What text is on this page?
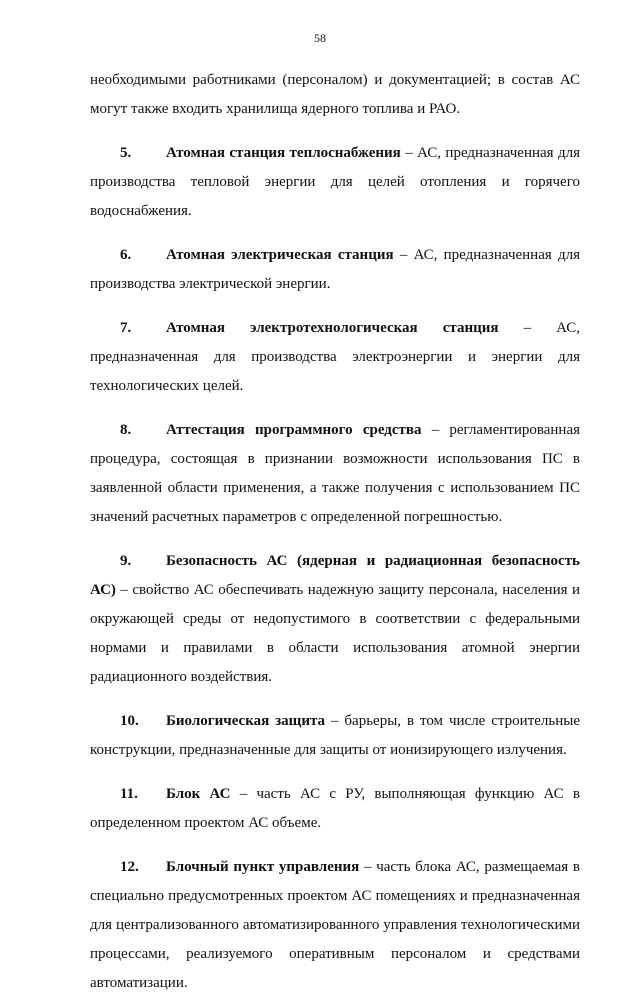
58

необходимыми работниками (персоналом) и документацией; в состав АС могут также входить хранилища ядерного топлива и РАО.

5. Атомная станция теплоснабжения – АС, предназначенная для производства тепловой энергии для целей отопления и горячего водоснабжения.

6. Атомная электрическая станция – АС, предназначенная для производства электрической энергии.

7. Атомная электротехнологическая станция – АС, предназначенная для производства электроэнергии и энергии для технологических целей.

8. Аттестация программного средства – регламентированная процедура, состоящая в признании возможности использования ПС в заявленной области применения, а также получения с использованием ПС значений расчетных параметров с определенной погрешностью.

9. Безопасность АС (ядерная и радиационная безопасность АС) – свойство АС обеспечивать надежную защиту персонала, населения и окружающей среды от недопустимого в соответствии с федеральными нормами и правилами в области использования атомной энергии радиационного воздействия.

10. Биологическая защита – барьеры, в том числе строительные конструкции, предназначенные для защиты от ионизирующего излучения.

11. Блок АС – часть АС с РУ, выполняющая функцию АС в определенном проектом АС объеме.

12. Блочный пункт управления – часть блока АС, размещаемая в специально предусмотренных проектом АС помещениях и предназначенная для централизованного автоматизированного управления технологическими процессами, реализуемого оперативным персоналом и средствами автоматизации.
